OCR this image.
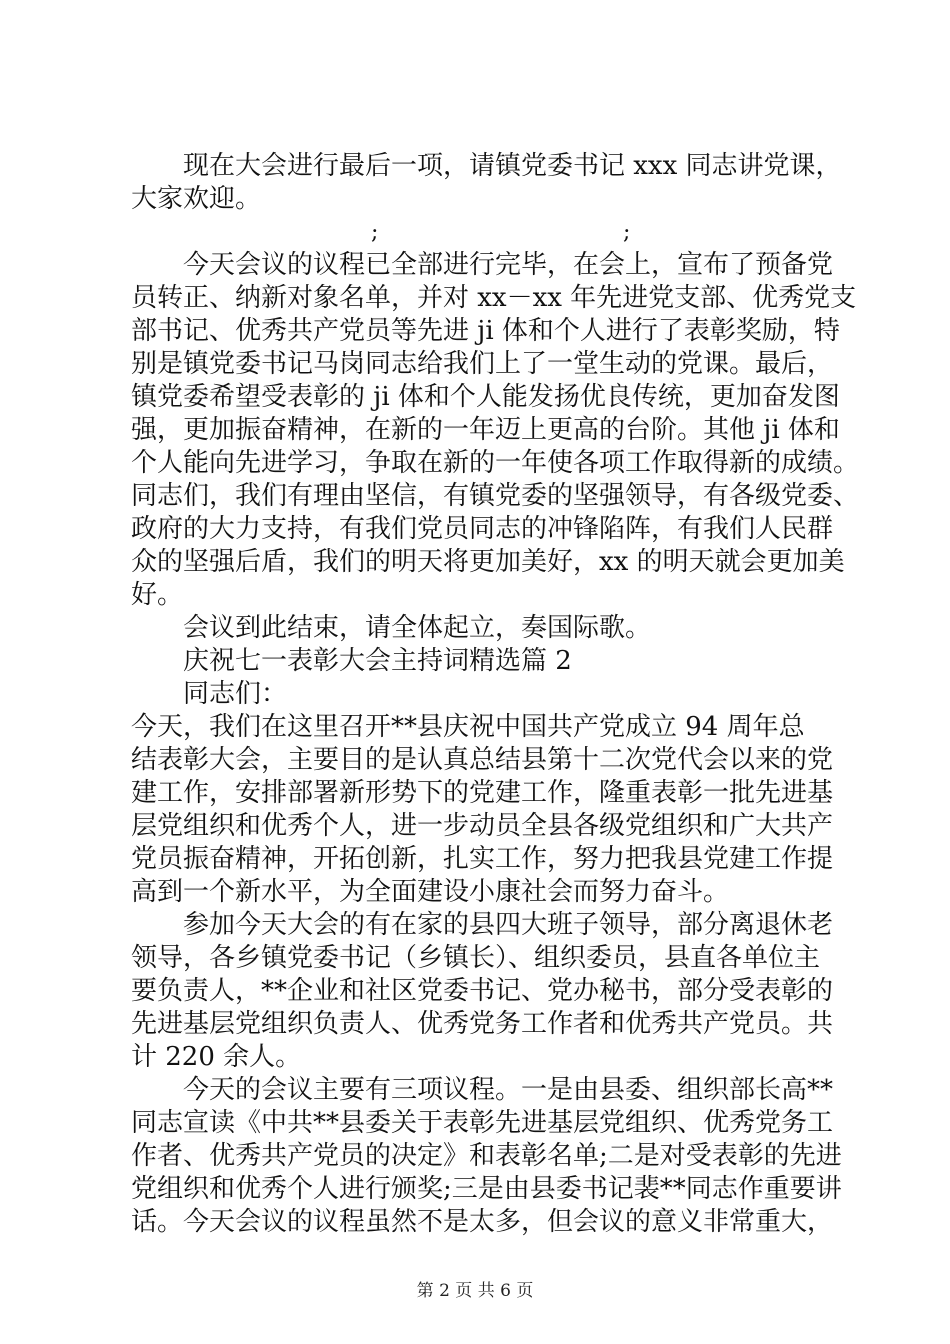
现在大会进行最后一项，请镇党委书记 xxx 同志讲党课，
大家欢迎。
;	;
今天会议的议程已全部进行完毕，在会上，宣布了预备党
员转正、纳新对象名单，并对 xx－xx 年先进党支部、优秀党支
部书记、优秀共产党员等先进 ji 体和个人进行了表彰奖励，特
别是镇党委书记马岗同志给我们上了一堂生动的党课。最后，
镇党委希望受表彰的 ji 体和个人能发扬优良传统，更加奋发图
强，更加振奋精神，在新的一年迈上更高的台阶。其他 ji 体和
个人能向先进学习，争取在新的一年使各项工作取得新的成绩。
同志们，我们有理由坚信，有镇党委的坚强领导，有各级党委、
政府的大力支持，有我们党员同志的冲锋陷阵，有我们人民群
众的坚强后盾，我们的明天将更加美好，xx 的明天就会更加美
好。
会议到此结束，请全体起立，奏国际歌。
庆祝七一表彰大会主持词精选篇 2
同志们：
今天，我们在这里召开**县庆祝中国共产党成立 94 周年总
结表彰大会，主要目的是认真总结县第十二次党代会以来的党
建工作，安排部署新形势下的党建工作，隆重表彰一批先进基
层党组织和优秀个人，进一步动员全县各级党组织和广大共产
党员振奋精神，开拓创新，扎实工作，努力把我县党建工作提
高到一个新水平，为全面建设小康社会而努力奋斗。
参加今天大会的有在家的县四大班子领导，部分离退休老
领导，各乡镇党委书记（乡镇长）、组织委员，县直各单位主
要负责人，**企业和社区党委书记、党办秘书，部分受表彰的
先进基层党组织负责人、优秀党务工作者和优秀共产党员。共
计 220 余人。
今天的会议主要有三项议程。一是由县委、组织部长高**
同志宣读《中共**县委关于表彰先进基层党组织、优秀党务工
作者、优秀共产党员的决定》和表彰名单;二是对受表彰的先进
党组织和优秀个人进行颁奖;三是由县委书记裴**同志作重要讲
话。今天会议的议程虽然不是太多，但会议的意义非常重大，
第 2 页 共 6 页
